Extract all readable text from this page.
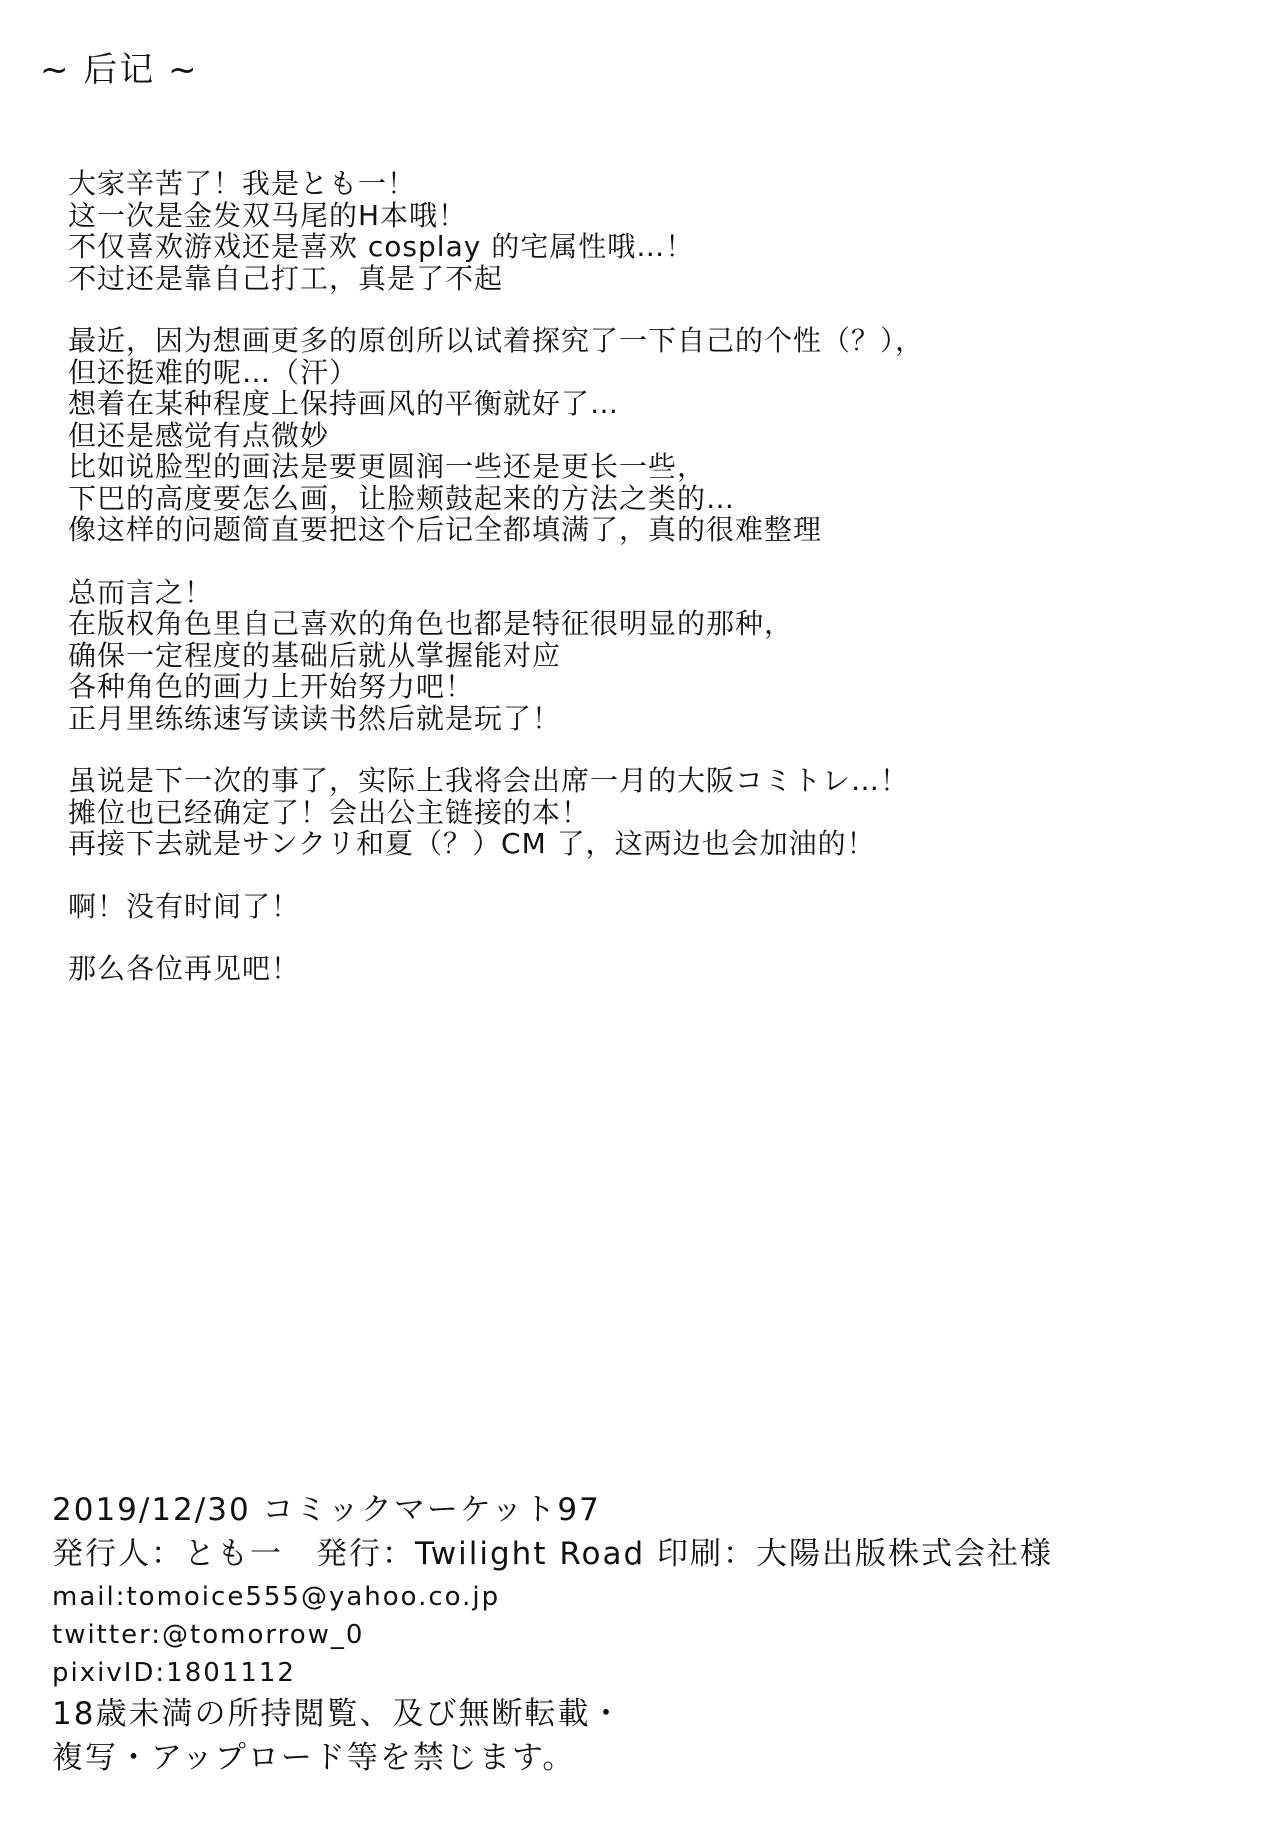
~ 后记 ~
大家辛苦了！我是とも一！
这一次是金发双马尾的H本哦！
不仅喜欢游戏还是喜欢 cosplay 的宅属性哦…！
不过还是靠自己打工，真是了不起
最近，因为想画更多的原创所以试着探究了一下自己的个性（？），
但还挺难的呢…（汗）
想着在某种程度上保持画风的平衡就好了…
但还是感觉有点微妙
比如说脸型的画法是要更圆润一些还是更长一些，
下巴的高度要怎么画，让脸颊鼓起来的方法之类的…
像这样的问题简直要把这个后记全都填满了，真的很难整理
总而言之！
在版权角色里自己喜欢的角色也都是特征很明显的那种，
确保一定程度的基础后就从掌握能对应
各种角色的画力上开始努力吧！
正月里练练速写读读书然后就是玩了！
虽说是下一次的事了，实际上我将会出席一月的大阪コミトレ…！
摊位也已经确定了！会出公主链接的本！
再接下去就是サンクリ和夏（？）CM 了，这两边也会加油的！
啊！没有时间了！
那么各位再见吧！
2019/12/30 コミックマーケット97
発行人：とも一　発行：Twilight Road 印刷：大陽出版株式会社様
mail:tomoice555@yahoo.co.jp
twitter:@tomorrow_0
pixivID:1801112
18歳未満の所持閲覧、及び無断転載・
複写・アップロード等を禁じます。
